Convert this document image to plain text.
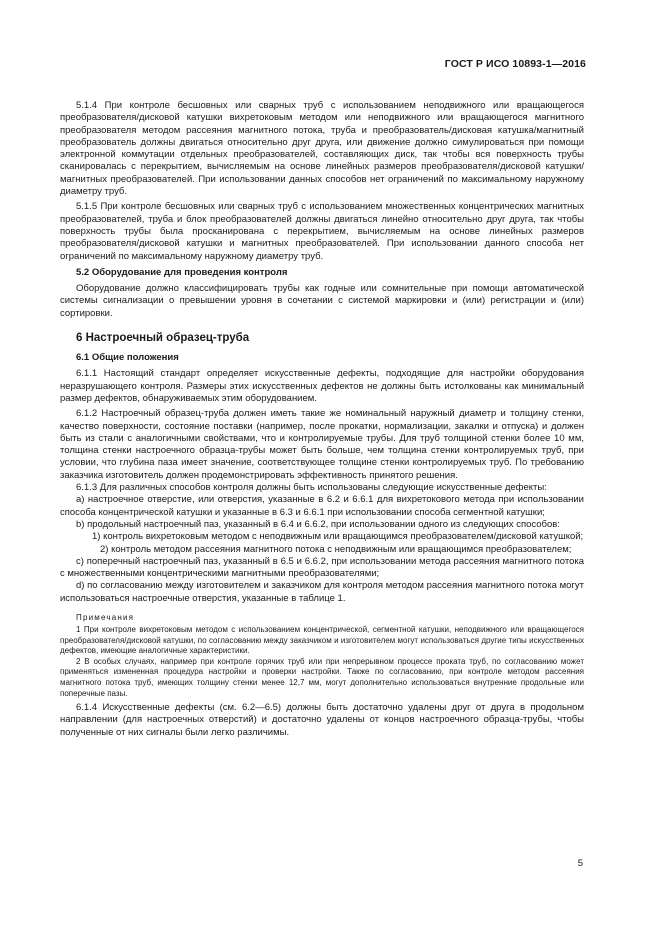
ГОСТ Р ИСО 10893-1—2016

5.1.4 При контроле бесшовных или сварных труб с использованием неподвижного или вращающегося преобразователя/дисковой катушки вихретоковым методом или неподвижного или вращающегося магнитного преобразователя методом рассеяния магнитного потока, труба и преобразователь/дисковая катушка/магнитный преобразователь должны двигаться относительно друг друга, или движение должно симулироваться при помощи электронной коммутации отдельных преобразователей, составляющих диск, так чтобы вся поверхность трубы сканировалась с перекрытием, вычисляемым на основе линейных размеров преобразователя/дисковой катушки/магнитных преобразователей. При использовании данных способов нет ограничений по максимальному наружному диаметру труб.

5.1.5 При контроле бесшовных или сварных труб с использованием множественных концентрических магнитных преобразователей, труба и блок преобразователей должны двигаться линейно относительно друг друга, так чтобы поверхность трубы была просканирована с перекрытием, вычисляемым на основе линейных размеров преобразователя/дисковой катушки и магнитных преобразователей. При использовании данного способа нет ограничений по максимальному наружному диаметру труб.

5.2 Оборудование для проведения контроля

Оборудование должно классифицировать трубы как годные или сомнительные при помощи автоматической системы сигнализации о превышении уровня в сочетании с системой маркировки и (или) регистрации и (или) сортировки.

6 Настроечный образец-труба
6.1 Общие положения

6.1.1 Настоящий стандарт определяет искусственные дефекты, подходящие для настройки оборудования неразрушающего контроля. Размеры этих искусственных дефектов не должны быть истолкованы как минимальный размер дефектов, обнаруживаемых этим оборудованием.

6.1.2 Настроечный образец-труба должен иметь такие же номинальный наружный диаметр и толщину стенки, качество поверхности, состояние поставки (например, после прокатки, нормализации, закалки и отпуска) и должен быть из стали с аналогичными свойствами, что и контролируемые трубы. Для труб толщиной стенки более 10 мм, толщина стенки настроечного образца-трубы может быть больше, чем толщина стенки контролируемых труб, при условии, что глубина паза имеет значение, соответствующее толщине стенки контролируемых труб. По требованию заказчика изготовитель должен продемонстрировать эффективность принятого решения.

6.1.3 Для различных способов контроля должны быть использованы следующие искусственные дефекты:

a) настроечное отверстие, или отверстия, указанные в 6.2 и 6.6.1 для вихретокового метода при использовании способа концентрической катушки и указанные в 6.3 и 6.6.1 при использовании способа сегментной катушки;

b) продольный настроечный паз, указанный в 6.4 и 6.6.2, при использовании одного из следующих способов:

1) контроль вихретоковым методом с неподвижным или вращающимся преобразователем/дисковой катушкой;

2) контроль методом рассеяния магнитного потока с неподвижным или вращающимся преобразователем;

c) поперечный настроечный паз, указанный в 6.5 и 6.6.2, при использовании метода рассеяния магнитного потока с множественными концентрическими магнитными преобразователями;

d) по согласованию между изготовителем и заказчиком для контроля методом рассеяния магнитного потока могут использоваться настроечные отверстия, указанные в таблице 1.

Примечания

1 При контроле вихретоковым методом с использованием концентрической, сегментной катушки, неподвижного или вращающегося преобразователя/дисковой катушки, по согласованию между заказчиком и изготовителем могут использоваться другие типы искусственных дефектов, имеющие аналогичные характеристики.

2 В особых случаях, например при контроле горячих труб или при непрерывном процессе проката труб, по согласованию может применяться измененная процедура настройки и проверки настройки. Также по согласованию, при контроле методом рассеяния магнитного потока труб, имеющих толщину стенки менее 12,7 мм, могут дополнительно использоваться внутренние продольные или поперечные пазы.

6.1.4 Искусственные дефекты (см. 6.2—6.5) должны быть достаточно удалены друг от друга в продольном направлении (для настроечных отверстий) и достаточно удалены от концов настроечного образца-трубы, чтобы полученные от них сигналы были легко различимы.

5
